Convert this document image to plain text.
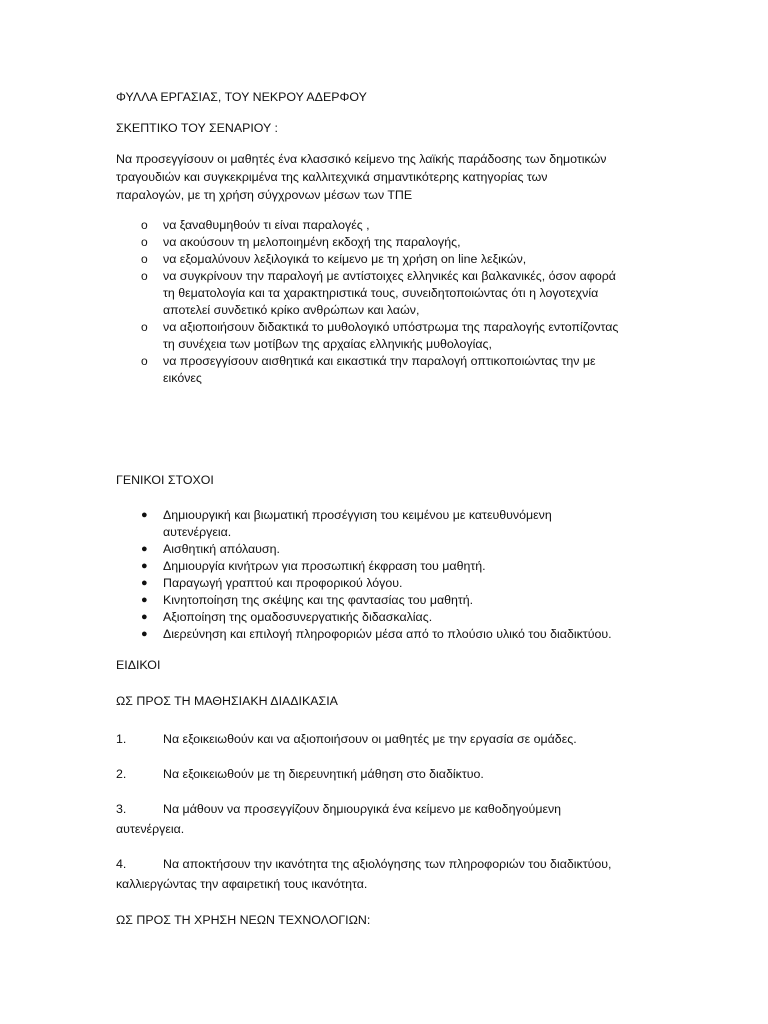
ΦΥΛΛΑ ΕΡΓΑΣΙΑΣ, ΤΟΥ ΝΕΚΡΟΥ ΑΔΕΡΦΟΥ
ΣΚΕΠΤΙΚΟ ΤΟΥ ΣΕΝΑΡΙΟΥ :
Να προσεγγίσουν οι μαθητές ένα κλασσικό κείμενο της λαϊκής παράδοσης των δημοτικών
τραγουδιών και συγκεκριμένα της καλλιτεχνικά σημαντικότερης κατηγορίας των
παραλογών, με τη χρήση σύγχρονων μέσων των ΤΠΕ
o να ξαναθυμηθούν τι είναι παραλογές ,
o να ακούσουν τη μελοποιημένη εκδοχή της παραλογής,
o να εξομαλύνουν λεξιλογικά το κείμενο με τη χρήση on line λεξικών,
o να συγκρίνουν την παραλογή με αντίστοιχες ελληνικές και βαλκανικές, όσον αφορά
τη θεματολογία και τα χαρακτηριστικά τους, συνειδητοποιώντας ότι η λογοτεχνία
αποτελεί συνδετικό κρίκο ανθρώπων και λαών,
o να αξιοποιήσουν διδακτικά το μυθολογικό υπόστρωμα της παραλογής εντοπίζοντας
τη συνέχεια των μοτίβων της αρχαίας ελληνικής μυθολογίας,
o να προσεγγίσουν αισθητικά και εικαστικά την παραλογή οπτικοποιώντας την με
εικόνες
ΓΕΝΙΚΟΙ ΣΤΟΧΟΙ
● Δημιουργική και βιωματική προσέγγιση του κειμένου με κατευθυνόμενη
αυτενέργεια.
● Αισθητική απόλαυση.
● Δημιουργία κινήτρων για προσωπική έκφραση του μαθητή.
● Παραγωγή γραπτού και προφορικού λόγου.
● Κινητοποίηση της σκέψης και της φαντασίας του μαθητή.
● Αξιοποίηση της ομαδοσυνεργατικής διδασκαλίας.
● Διερεύνηση και επιλογή πληροφοριών μέσα από το πλούσιο υλικό του διαδικτύου.
ΕΙΔΙΚΟΙ
ΩΣ ΠΡΟΣ ΤΗ ΜΑΘΗΣΙΑΚΗ ΔΙΑΔΙΚΑΣΙΑ
1.	Να εξοικειωθούν και να αξιοποιήσουν οι μαθητές με την εργασία σε ομάδες.
2.	Να εξοικειωθούν με τη διερευνητική μάθηση στο διαδίκτυο.
3.	Να μάθουν να προσεγγίζουν δημιουργικά ένα κείμενο με καθοδηγούμενη
αυτενέργεια.
4.	Να αποκτήσουν την ικανότητα της αξιολόγησης των πληροφοριών του διαδικτύου,
καλλιεργώντας την αφαιρετική τους ικανότητα.
ΩΣ ΠΡΟΣ ΤΗ ΧΡΗΣΗ ΝΕΩΝ ΤΕΧΝΟΛΟΓΙΩΝ:
